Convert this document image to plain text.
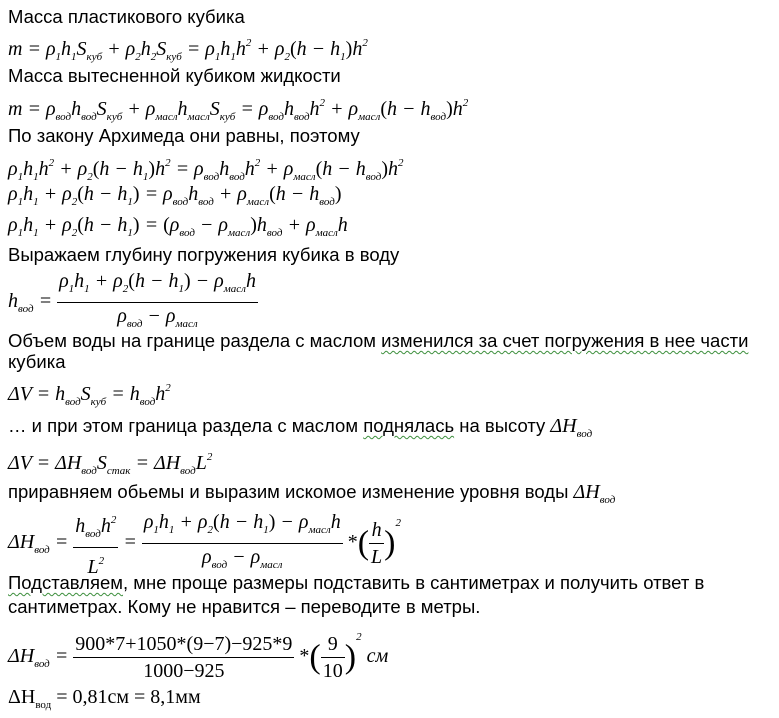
Масса пластикового кубика
$m = \rho_1h_1S_{куб} + \rho_2h_2S_{куб} = \rho_1h_1h^2 + \rho_2(h - h_1)h^2$
Масса вытесненной кубиком жидкости
$m = \rho_{вод}h_{вод}S_{куб} + \rho_{масл}h_{масл}S_{куб} = \rho_{вод}h_{вод}h^2 + \rho_{масл}(h - h_{вод})h^2$
По закону Архимеда они равны, поэтому
$\rho_1h_1h^2 + \rho_2(h - h_1)h^2 = \rho_{вод}h_{вод}h^2 + \rho_{масл}(h - h_{вод})h^2$
$\rho_1h_1 + \rho_2(h - h_1) = \rho_{вод}h_{вод} + \rho_{масл}(h - h_{вод})$
$\rho_1h_1 + \rho_2(h - h_1) = (\rho_{вод} - \rho_{масл})h_{вод} + \rho_{масл}h$
Выражаем глубину погружения кубика в воду
$h_{вод} = \frac{\rho_1h_1 + \rho_2(h - h_1) - \rho_{масл}h}{\rho_{вод} - \rho_{масл}}$
Объем воды на границе раздела с маслом изменился за счет погружения в нее части
кубика
$\Delta V = h_{вод}S_{куб} = h_{вод}h^2$
… и при этом граница раздела с маслом поднялась на высоту $\Delta H_{вод}$
$\Delta V = \Delta H_{вод}S_{стак} = \Delta H_{вод}L^2$
приравняем обьемы и выразим искомое изменение уровня воды $\Delta H_{вод}$
$\Delta H_{вод} = \frac{h_{вод}h^2}{L^2} = \frac{\rho_1h_1 + \rho_2(h - h_1) - \rho_{масл}h}{\rho_{вод} - \rho_{масл}}$ *( $\frac{h}{L} )^2$
Подставляем, мне проще размеры подставить в сантиметрах и получить ответ в
сантиметрах. Кому не нравится – переводите в метры.
$\Delta H_{вод} = \frac{900*7+1050*(9-7)-925*9}{1000-925}$ *( $\frac{9}{10} )^2$ см
$\Delta H_{вод} = 0,81см = 8,1мм$
